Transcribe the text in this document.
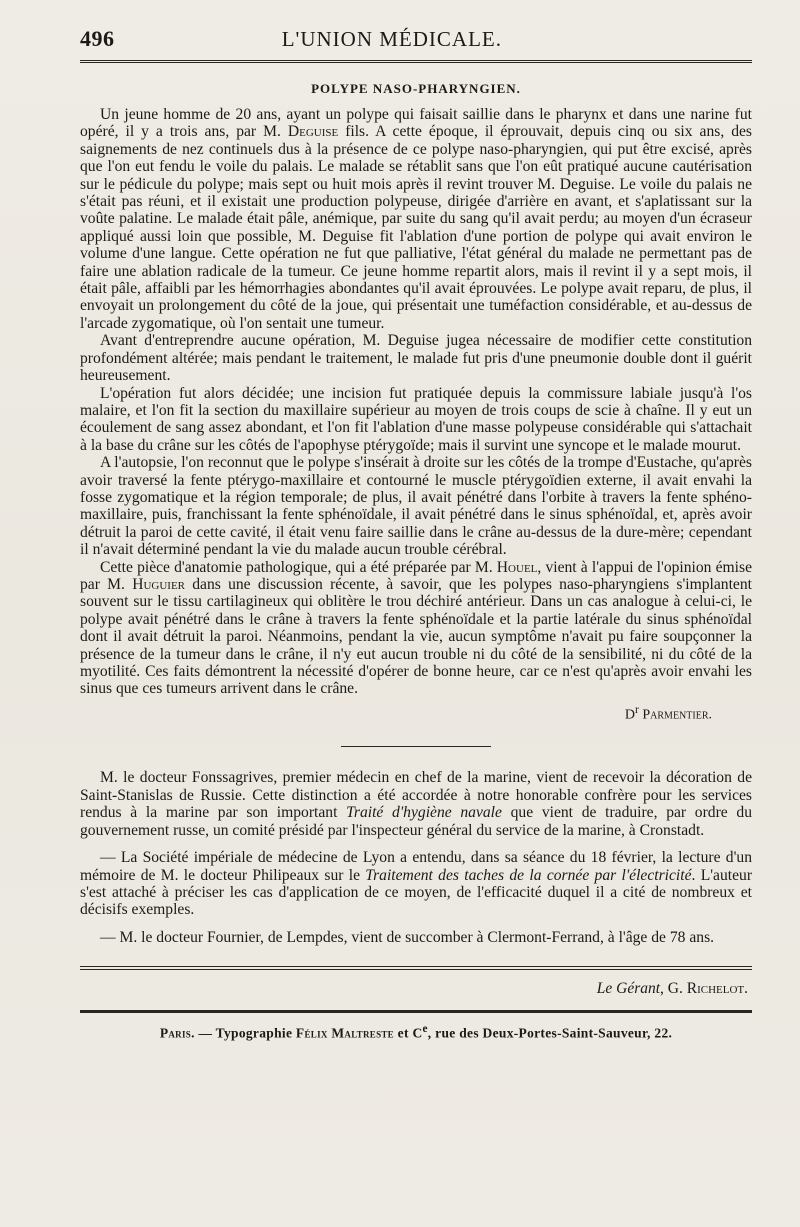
496	L'UNION MÉDICALE.
POLYPE NASO-PHARYNGIEN.

Un jeune homme de 20 ans, ayant un polype qui faisait saillie dans le pharynx et dans une narine fut opéré, il y a trois ans, par M. Deguise fils. A cette époque, il éprouvait, depuis cinq ou six ans, des saignements de nez continuels dus à la présence de ce polype naso-pharyngien, qui put être excisé, après que l'on eut fendu le voile du palais. Le malade se rétablit sans que l'on eût pratiqué aucune cautérisation sur le pédicule du polype; mais sept ou huit mois après il revint trouver M. Deguise. Le voile du palais ne s'était pas réuni, et il existait une production polypeuse, dirigée d'arrière en avant, et s'aplatissant sur la voûte palatine. Le malade était pâle, anémique, par suite du sang qu'il avait perdu; au moyen d'un écraseur appliqué aussi loin que possible, M. Deguise fit l'ablation d'une portion de polype qui avait environ le volume d'une langue. Cette opération ne fut que palliative, l'état général du malade ne permettant pas de faire une ablation radicale de la tumeur. Ce jeune homme repartit alors, mais il revint il y a sept mois, il était pâle, affaibli par les hémorrhagies abondantes qu'il avait éprouvées. Le polype avait reparu, de plus, il envoyait un prolongement du côté de la joue, qui présentait une tuméfaction considérable, et au-dessus de l'arcade zygomatique, où l'on sentait une tumeur.

Avant d'entreprendre aucune opération, M. Deguise jugea nécessaire de modifier cette constitution profondément altérée; mais pendant le traitement, le malade fut pris d'une pneumonie double dont il guérit heureusement.

L'opération fut alors décidée; une incision fut pratiquée depuis la commissure labiale jusqu'à l'os malaire, et l'on fit la section du maxillaire supérieur au moyen de trois coups de scie à chaîne. Il y eut un écoulement de sang assez abondant, et l'on fit l'ablation d'une masse polypeuse considérable qui s'attachait à la base du crâne sur les côtés de l'apophyse ptérygoïde; mais il survint une syncope et le malade mourut.

A l'autopsie, l'on reconnut que le polype s'insérait à droite sur les côtés de la trompe d'Eustache, qu'après avoir traversé la fente ptérygo-maxillaire et contourné le muscle ptérygoïdien externe, il avait envahi la fosse zygomatique et la région temporale; de plus, il avait pénétré dans l'orbite à travers la fente sphéno-maxillaire, puis, franchissant la fente sphénoïdale, il avait pénétré dans le sinus sphénoïdal, et, après avoir détruit la paroi de cette cavité, il était venu faire saillie dans le crâne au-dessus de la dure-mère; cependant il n'avait déterminé pendant la vie du malade aucun trouble cérébral.

Cette pièce d'anatomie pathologique, qui a été préparée par M. Houel, vient à l'appui de l'opinion émise par M. Huguier dans une discussion récente, à savoir, que les polypes naso-pharyngiens s'implantent souvent sur le tissu cartilagineux qui oblitère le trou déchiré antérieur. Dans un cas analogue à celui-ci, le polype avait pénétré dans le crâne à travers la fente sphénoïdale et la partie latérale du sinus sphénoïdal dont il avait détruit la paroi. Néanmoins, pendant la vie, aucun symptôme n'avait pu faire soupçonner la présence de la tumeur dans le crâne, il n'y eut aucun trouble ni du côté de la sensibilité, ni du côté de la myotilité. Ces faits démontrent la nécessité d'opérer de bonne heure, car ce n'est qu'après avoir envahi les sinus que ces tumeurs arrivent dans le crâne.

$D^r$ Parmentier.

M. le docteur Fonssagrives, premier médecin en chef de la marine, vient de recevoir la décoration de Saint-Stanislas de Russie. Cette distinction a été accordée à notre honorable confrère pour les services rendus à la marine par son important Traité d'hygiène navale que vient de traduire, par ordre du gouvernement russe, un comité présidé par l'inspecteur général du service de la marine, à Cronstadt.

— La Société impériale de médecine de Lyon a entendu, dans sa séance du 18 février, la lecture d'un mémoire de M. le docteur Philipeaux sur le Traitement des taches de la cornée par l'électricité. L'auteur s'est attaché à préciser les cas d'application de ce moyen, de l'efficacité duquel il a cité de nombreux et décisifs exemples.

— M. le docteur Fournier, de Lempdes, vient de succomber à Clermont-Ferrand, à l'âge de 78 ans.

Le Gérant, G. Richelot.
Paris. — Typographie Félix Maltreste et Ce, rue des Deux-Portes-Saint-Sauveur, 22.
